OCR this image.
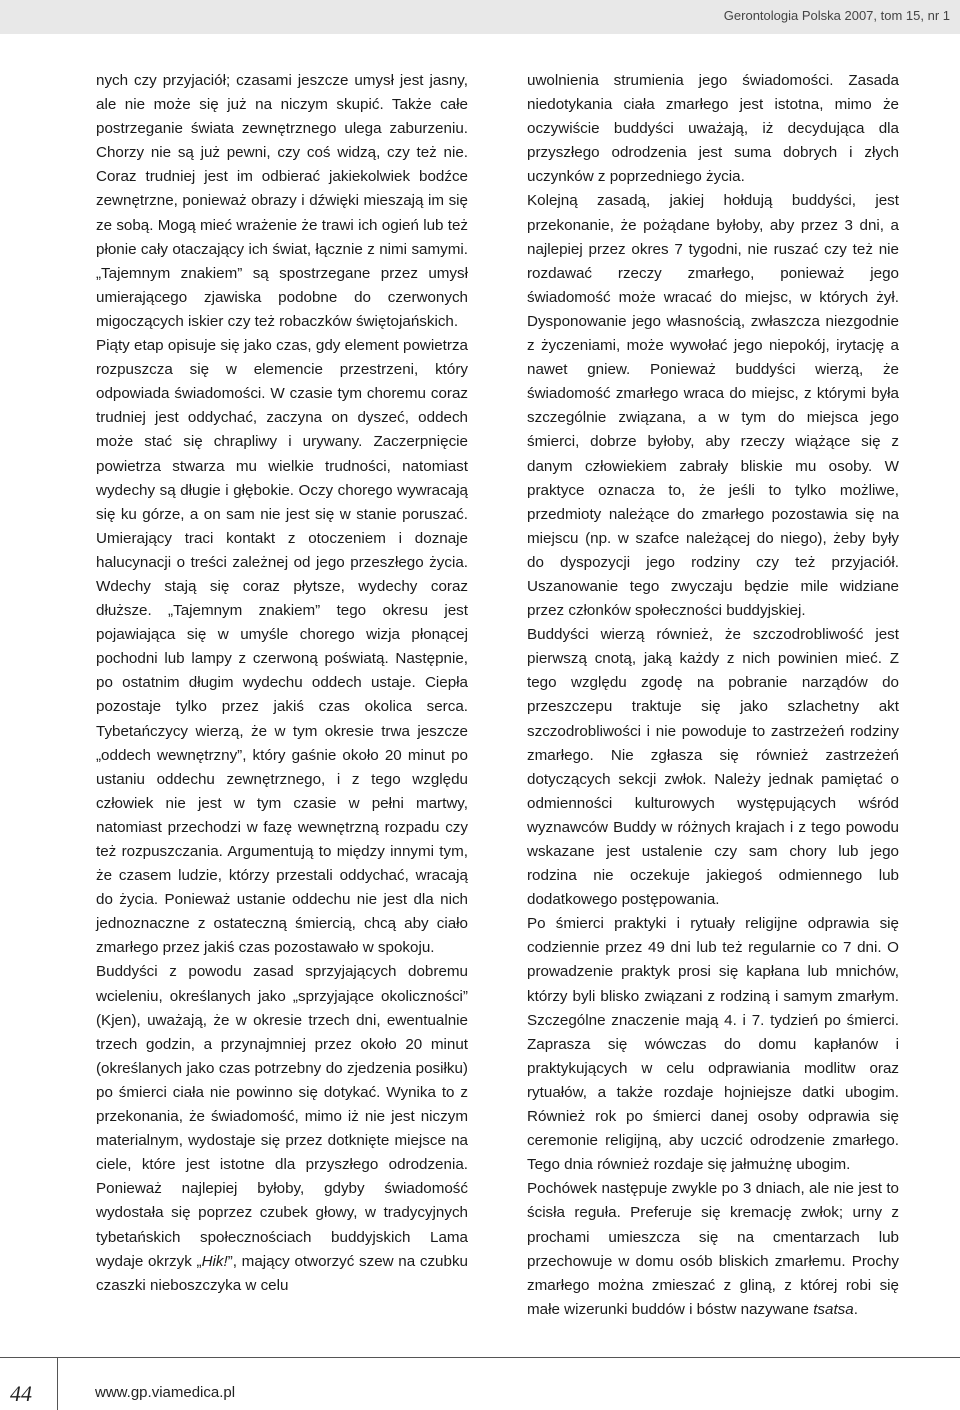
Gerontologia Polska 2007, tom 15, nr 1

nych czy przyjaciół; czasami jeszcze umysł jest jasny, ale nie może się już na niczym skupić. Także całe postrzeganie świata zewnętrznego ulega zaburzeniu. Chorzy nie są już pewni, czy coś widzą, czy też nie. Coraz trudniej jest im odbierać jakiekolwiek bodźce zewnętrzne, ponieważ obrazy i dźwięki mieszają im się ze sobą. Mogą mieć wrażenie że trawi ich ogień lub też płonie cały otaczający ich świat, łącznie z nimi samymi. „Tajemnym znakiem” są spostrzegane przez umysł umierającego zjawiska podobne do czerwonych migoczących iskier czy też robaczków świętojańskich.

Piąty etap opisuje się jako czas, gdy element powietrza rozpuszcza się w elemencie przestrzeni, który odpowiada świadomości. W czasie tym choremu coraz trudniej jest oddychać, zaczyna on dyszeć, oddech może stać się chrapliwy i urywany. Zaczerpnięcie powietrza stwarza mu wielkie trudności, natomiast wydechy są długie i głębokie. Oczy chorego wywracają się ku górze, a on sam nie jest się w stanie poruszać. Umierający traci kontakt z otoczeniem i doznaje halucynacji o treści zależnej od jego przeszłego życia. Wdechy stają się coraz płytsze, wydechy coraz dłuższe. „Tajemnym znakiem” tego okresu jest pojawiająca się w umyśle chorego wizja płonącej pochodni lub lampy z czerwoną poświatą. Następnie, po ostatnim długim wydechu oddech ustaje. Ciepła pozostaje tylko przez jakiś czas okolica serca. Tybetańczycy wierzą, że w tym okresie trwa jeszcze „oddech wewnętrzny”, który gaśnie około 20 minut po ustaniu oddechu zewnętrznego, i z tego względu człowiek nie jest w tym czasie w pełni martwy, natomiast przechodzi w fazę wewnętrzną rozpadu czy też rozpuszczania. Argumentują to między innymi tym, że czasem ludzie, którzy przestali oddychać, wracają do życia. Ponieważ ustanie oddechu nie jest dla nich jednoznaczne z ostateczną śmiercią, chcą aby ciało zmarłego przez jakiś czas pozostawało w spokoju.

Buddyści z powodu zasad sprzyjających dobremu wcieleniu, określanych jako „sprzyjające okoliczności” (Kjen), uważają, że w okresie trzech dni, ewentualnie trzech godzin, a przynajmniej przez około 20 minut (określanych jako czas potrzebny do zjedzenia posiłku) po śmierci ciała nie powinno się dotykać. Wynika to z przekonania, że świadomość, mimo iż nie jest niczym materialnym, wydostaje się przez dotknięte miejsce na ciele, które jest istotne dla przyszłego odrodzenia. Ponieważ najlepiej byłoby, gdyby świadomość wydostała się poprzez czubek głowy, w tradycyjnych tybetańskich społecznościach buddyjskich Lama wydaje okrzyk „Hik!”, mający otworzyć szew na czubku czaszki nieboszczyka w celu

uwolnienia strumienia jego świadomości. Zasada niedotykania ciała zmarłego jest istotna, mimo że oczywiście buddyści uważają, iż decydująca dla przyszłego odrodzenia jest suma dobrych i złych uczynków z poprzedniego życia.

Kolejną zasadą, jakiej hołdują buddyści, jest przekonanie, że pożądane byłoby, aby przez 3 dni, a najlepiej przez okres 7 tygodni, nie ruszać czy też nie rozdawać rzeczy zmarłego, ponieważ jego świadomość może wracać do miejsc, w których żył. Dysponowanie jego własnością, zwłaszcza niezgodnie z życzeniami, może wywołać jego niepokój, irytację a nawet gniew. Ponieważ buddyści wierzą, że świadomość zmarłego wraca do miejsc, z którymi była szczególnie związana, a w tym do miejsca jego śmierci, dobrze byłoby, aby rzeczy wiążące się z danym człowiekiem zabrały bliskie mu osoby. W praktyce oznacza to, że jeśli to tylko możliwe, przedmioty należące do zmarłego pozostawia się na miejscu (np. w szafce należącej do niego), żeby były do dyspozycji jego rodziny czy też przyjaciół. Uszanowanie tego zwyczaju będzie mile widziane przez członków społeczności buddyjskiej.

Buddyści wierzą również, że szczodrobliwość jest pierwszą cnotą, jaką każdy z nich powinien mieć. Z tego względu zgodę na pobranie narządów do przeszczepu traktuje się jako szlachetny akt szczodrobliwości i nie powoduje to zastrzeżeń rodziny zmarłego. Nie zgłasza się również zastrzeżeń dotyczących sekcji zwłok. Należy jednak pamiętać o odmienności kulturowych występujących wśród wyznawców Buddy w różnych krajach i z tego powodu wskazane jest ustalenie czy sam chory lub jego rodzina nie oczekuje jakiegoś odmiennego lub dodatkowego postępowania.

Po śmierci praktyki i rytuały religijne odprawia się codziennie przez 49 dni lub też regularnie co 7 dni. O prowadzenie praktyk prosi się kapłana lub mnichów, którzy byli blisko związani z rodziną i samym zmarłym. Szczególne znaczenie mają 4. i 7. tydzień po śmierci. Zaprasza się wówczas do domu kapłanów i praktykujących w celu odprawiania modlitw oraz rytuałów, a także rozdaje hojniejsze datki ubogim. Również rok po śmierci danej osoby odprawia się ceremonie religijną, aby uczcić odrodzenie zmarłego. Tego dnia również rozdaje się jałmużnę ubogim.

Pochówek następuje zwykle po 3 dniach, ale nie jest to ścisła reguła. Preferuje się kremację zwłok; urny z prochami umieszcza się na cmentarzach lub przechowuje w domu osób bliskich zmarłemu. Prochy zmarłego można zmieszać z gliną, z której robi się małe wizerunki buddów i bóstw nazywane tsatsa.

44	www.gp.viamedica.pl
